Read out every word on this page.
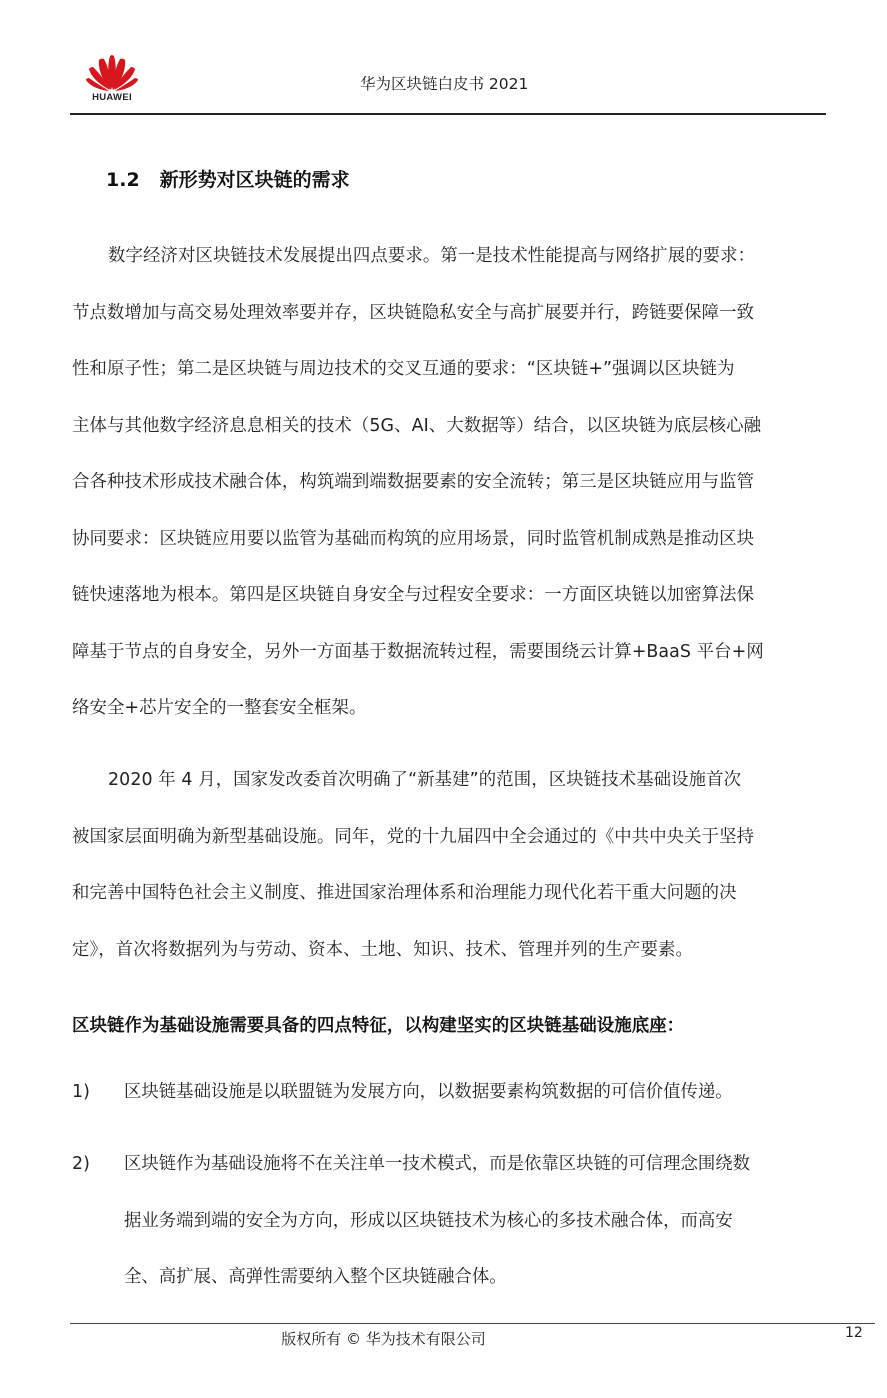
HUAWEI
华为区块链白皮书 2021
1.2 新形势对区块链的需求
数字经济对区块链技术发展提出四点要求。第一是技术性能提高与网络扩展的要求：
节点数增加与高交易处理效率要并存，区块链隐私安全与高扩展要并行，跨链要保障一致
性和原子性；第二是区块链与周边技术的交叉互通的要求：“区块链+”强调以区块链为
主体与其他数字经济息息相关的技术（5G、AI、大数据等）结合，以区块链为底层核心融
合各种技术形成技术融合体，构筑端到端数据要素的安全流转；第三是区块链应用与监管
协同要求：区块链应用要以监管为基础而构筑的应用场景，同时监管机制成熟是推动区块
链快速落地为根本。第四是区块链自身安全与过程安全要求：一方面区块链以加密算法保
障基于节点的自身安全，另外一方面基于数据流转过程，需要围绕云计算+BaaS 平台+网
络安全+芯片安全的一整套安全框架。
2020 年 4 月，国家发改委首次明确了“新基建”的范围，区块链技术基础设施首次
被国家层面明确为新型基础设施。同年，党的十九届四中全会通过的《中共中央关于坚持
和完善中国特色社会主义制度、推进国家治理体系和治理能力现代化若干重大问题的决
定》，首次将数据列为与劳动、资本、土地、知识、技术、管理并列的生产要素。
区块链作为基础设施需要具备的四点特征，以构建坚实的区块链基础设施底座：
1) 区块链基础设施是以联盟链为发展方向，以数据要素构筑数据的可信价值传递。
2) 区块链作为基础设施将不在关注单一技术模式，而是依靠区块链的可信理念围绕数
据业务端到端的安全为方向，形成以区块链技术为核心的多技术融合体，而高安
全、高扩展、高弹性需要纳入整个区块链融合体。
版权所有 © 华为技术有限公司	12
